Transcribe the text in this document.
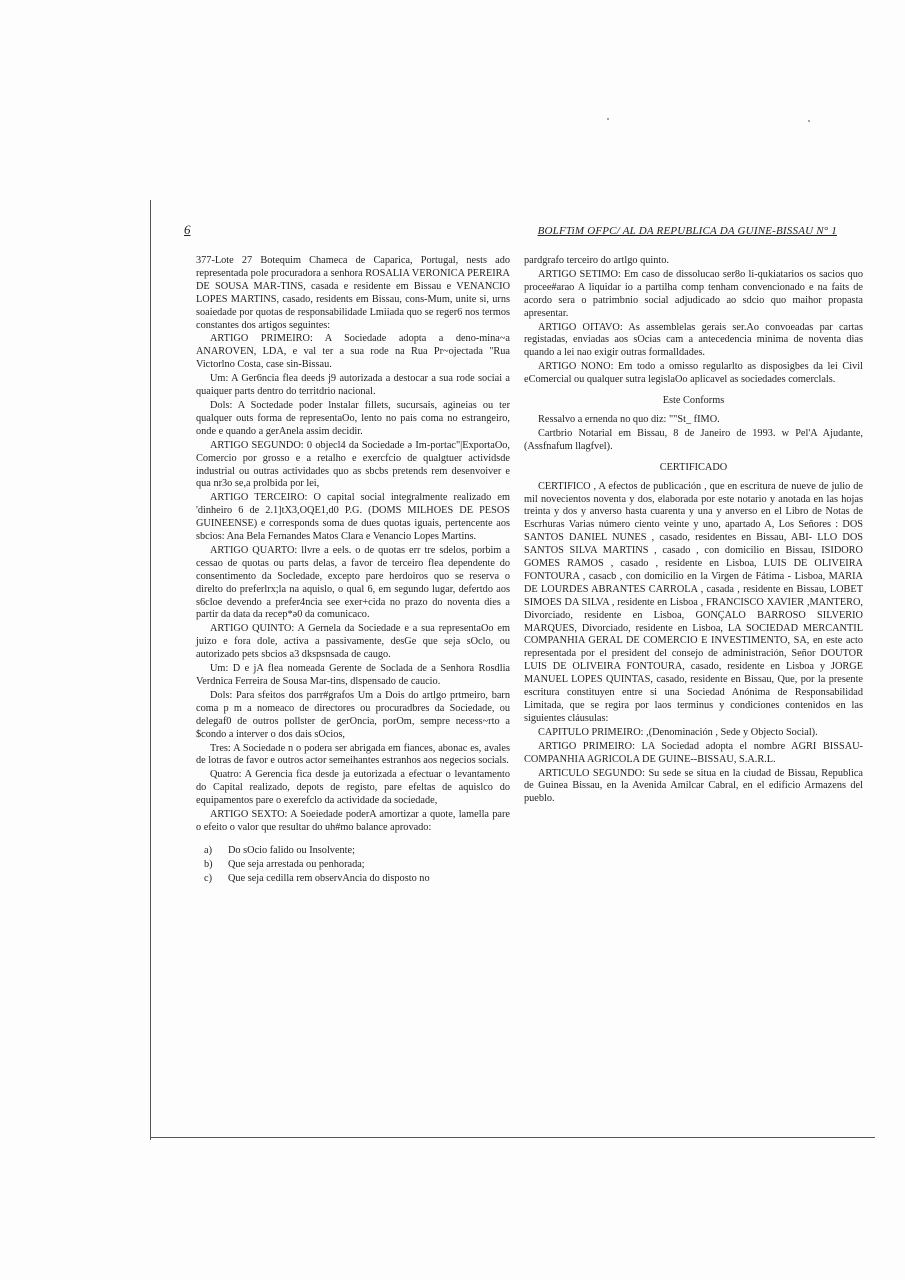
6	BOLFTiM OFPC/ AL DA REPUBLICA DA GUINE-BISSAU N° 1

377-Lote 27 Botequim Chameca de Caparica, Portugal, nests ado representada pole procuradora a senhora ROSALIA VERONICA PEREIRA DE SOUSA MAR-TINS, casada e residente em Bissau e VENANCIO LOPES MARTINS, casado, residents em Bissau, cons-Mum, unite si, urns soaiedade por quotas de responsabilidade Lmiiada quo se reger6 nos termos constantes dos artigos seguintes:

ARTIGO PRIMEIRO: A Sociedade adopta a deno-mina~a ANAROVEN, LDA, e val ter a sua rode na Rua Pr~ojectada "Rua Victorlno Costa, case sin-Bissau.

Um: A Ger6ncia flea deeds j9 autorizada a destocar a sua rode sociai a quaiquer parts dentro do territdrio nacional.

Dols: A Soctedade poder lnstalar fillets, sucursais, agineias ou ter qualquer outs forma de representaOo, lento no pais coma no estrangeiro, onde e quando a gerAnela assim decidir.

ARTIGO SEGUNDO: 0 objecl4 da Sociedade ə Im-portac"|ExportaOo, Comercio por grosso e a retalho e exercfcio de qualgtuer actividsde industrial ou outras actividades quo as sbcbs pretends rem desenvoiver e qua nr3o se,a prolbida por lei,

ARTIGO TERCEIRO: O capital social integralmente realizado em 'dinheiro 6 de 2.1]tX3,OQE1,d0 P.G. (DOMS MILHOES DE PESOS GUINEENSE) e corresponds soma de dues quotas iguais, pertencente aos sbcios: Ana Bela Fernandes Matos Clara e Venancio Lopes Martins.

ARTIGO QUARTO: llvre a eels. o de quotas err tre sdelos, porbim a cessao de quotas ou parts delas, a favor de terceiro flea dependente do consentimento da Socledade, excepto pare herdoiros quo se reserva o direlto do preferlrx;la na aquislo, o qual 6, em segundo lugar, defertdo aos s6cloe devendo a prefer4ncia see exer+cida no prazo do noventa dies a partir da data da recep*ə0 da comunicaco.

ARTIGO QUINTO: A Gernela da Sociedade e a sua representaOo em juizo e fora dole, activa a passivamente, desGe que seja sOclo, ou autorizado pets sbcios a3 dkspsnsada de caugo.

Um: D e jA flea nomeada Gerente de Soclada de a Senhora Rosdlia Verdnica Ferreira de Sousa Mar-tins, dlspensado de caucio.

Dols: Para sfeitos dos parr#grafos Um a Dois do artlgo prtmeiro, barn coma p m a nomeaco de directores ou procuradbres da Sociedade, ou delegaf0 de outros pollster de gerOncia, porOm, sempre necess~rto a $condo a interver o dos dais sOcios,

Tres: A Sociedade n o podera ser abrigada em fiances, abonac es, avales de lotras de favor e outros actor semeihantes estranhos aos negecios socials.

Quatro: A Gerencia fica desde ja eutorizada a efectuar o levantamento do Capital realizado, depots de registo, pare efeltas de aquislco do equipamentos pare o exerefclo da actividade da sociedade,

ARTIGO SEXTO: A Soeiedade poderA amortizar a quote, lamella pare o efeito o valor que resultar do uh#mo balance aprovado:

a)	Do sOcio falido ou Insolvente;
b)	Que seja arrestada ou penhorada;
c)	Que seja cedilla rem observAncia do disposto no

pardgrafo terceiro do artlgo quinto.

ARTIGO SETIMO: Em caso de dissolucao ser8o li-qukiatarios os sacios quo procee#arao A liquidar io a partilha comp tenham convencionado e na faits de acordo sera o patrimbnio social adjudicado ao sdcio quo maihor propasta apresentar.

ARTIGO OITAVO: As assemblelas gerais ser.Ao convoeadas par cartas registadas, enviadas aos sOcias cam a antecedencia minima de noventa dias quando a lei nao exigir outras formalldades.

ARTIGO NONO: Em todo a omisso regularlto as disposigbes da lei Civil eComercial ou qualquer sutra legislaOo aplicavel as sociedades comerclals.

Este Conforms

Ressalvo a ernenda no quo diz: ""St_ fIMO.

Cartbrio Notarial em Bissau, 8 de Janeiro de 1993. w Pel'A Ajudante, (Assfnafum llagfvel).

CERTIFICADO

CERTIFICO , A efectos de publicación , que en escritura de nueve de julio de mil novecientos noventa y dos, elaborada por este notario y anotada en las hojas treinta y dos y anverso hasta cuarenta y una y anverso en el Libro de Notas de Escrhuras Varias número ciento veinte y uno, apartado A, Los Señores : DOS SANTOS DANIEL NUNES , casado, residentes en Bissau, ABI- LLO DOS SANTOS SILVA MARTINS , casado , con domicilio en Bissau, ISIDORO GOMES RAMOS , casado , residente en Lisboa, LUIS DE OLIVEIRA FONTOURA , casacb , con domicilio en la Virgen de Fátima - Lisboa, MARIA DE LOURDES ABRANTES CARROLA , casada , residente en Bissau, LOBET SIMOES DA SILVA , residente en Lisboa , FRANCISCO XAVIER ,MANTERO, Divorciado, residente en Lisboa, GONÇALO BARROSO SILVERIO MARQUES, Divorciado, residente en Lisboa, LA SOCIEDAD MERCANTIL COMPANHIA GERAL DE COMERCIO E INVESTIMENTO, SA, en este acto representada por el president del consejo de administración, Señor DOUTOR LUIS DE OLIVEIRA FONTOURA, casado, residente en Lisboa y JORGE MANUEL LOPES QUINTAS, casado, residente en Bissau, Que, por la presente escritura constituyen entre si una Sociedad Anónima de Responsabilidad Limitada, que se regira por laos terminus y condiciones contenidos en las siguientes cláusulas:

CAPITULO PRIMEIRO: ,(Denominación , Sede y Objecto Social).

ARTIGO PRIMEIRO: LA Sociedad adopta el nombre AGRI BISSAU-COMPANHIA AGRICOLA DE GUINE--BISSAU, S.A.R.L.

ARTICULO SEGUNDO: Su sede se situa en la ciudad de Bissau, Republica de Guinea Bissau, en la Avenida Amilcar Cabral, en el edificio Armazens del pueblo.
